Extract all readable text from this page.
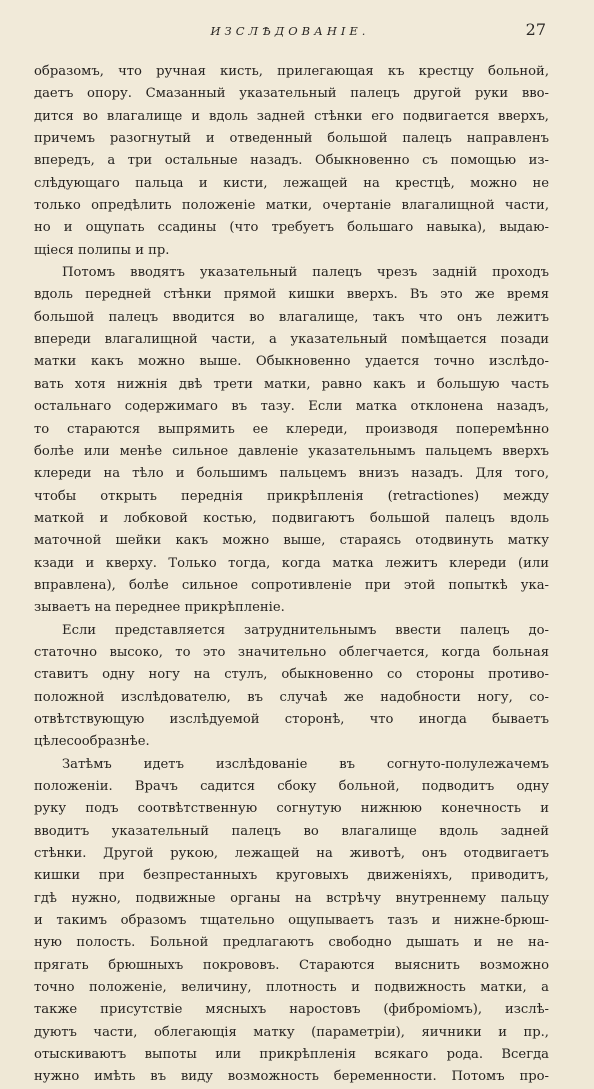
ИЗСЛѢДОВАНІЕ.	27
образомъ, что ручная кисть, прилегающая къ крестцу больной,
даетъ опору. Смазанный указательный палецъ другой руки вво-
дится во влагалище и вдоль задней стѣнки его подвигается вверхъ,
причемъ разогнутый и отведенный большой палецъ направленъ
впередъ, а три остальные назадъ. Обыкновенно съ помощью из-
слѣдующаго пальца и кисти, лежащей на крестцѣ, можно не
только опредѣлить положеніе матки, очертаніе влагалищной части,
но и ощупать ссадины (что требуетъ большаго навыка), выдаю-
щіеся полипы и пр.
Потомъ вводятъ указательный палецъ чрезъ задній проходъ
вдоль передней стѣнки прямой кишки вверхъ. Въ это же время
большой палецъ вводится во влагалище, такъ что онъ лежитъ
впереди влагалищной части, а указательный помѣщается позади
матки какъ можно выше. Обыкновенно удается точно изслѣдо-
вать хотя нижнія двѣ трети матки, равно какъ и большую часть
остальнаго содержимаго въ тазу. Если матка отклонена назадъ,
то стараются выпрямить ее клереди, производя поперемѣнно
болѣе или менѣе сильное давленіе указательнымъ пальцемъ вверхъ
клереди на тѣло и большимъ пальцемъ внизъ назадъ. Для того,
чтобы открыть переднія прикрѣпленія (retractiones) между
маткой и лобковой костью, подвигаютъ большой палецъ вдоль
маточной шейки какъ можно выше, стараясь отодвинуть матку
кзади и кверху. Только тогда, когда матка лежитъ клереди (или
вправлена), болѣе сильное сопротивленіе при этой попыткѣ ука-
зываетъ на переднее прикрѣпленіе.
Если представляется затруднительнымъ ввести палецъ до-
статочно высоко, то это значительно облегчается, когда больная
ставитъ одну ногу на стулъ, обыкновенно со стороны противо-
положной изслѣдователю, въ случаѣ же надобности ногу, со-
отвѣтствующую изслѣдуемой сторонѣ, что иногда бываетъ
цѣлесообразнѣе.
Затѣмъ идетъ изслѣдованіе въ согнуто-полулежачемъ
положеніи. Врачъ садится сбоку больной, подводитъ одну
руку подъ соотвѣтственную согнутую нижнюю конечность и
вводитъ указательный палецъ во влагалище вдоль задней
стѣнки. Другой рукою, лежащей на животѣ, онъ отодвигаетъ
кишки при безпрестанныхъ круговыхъ движеніяхъ, приводитъ,
гдѣ нужно, подвижные органы на встрѣчу внутреннему пальцу
и такимъ образомъ тщательно ощупываетъ тазъ и нижне-брюш-
ную полость. Больной предлагаютъ свободно дышать и не на-
прягать брюшныхъ покрововъ. Стараются выяснить возможно
точно положеніе, величину, плотность и подвижность матки, а
также присутствіе мясныхъ наростовъ (фиброміомъ), изслѣ-
дуютъ части, облегающія матку (параметріи), яичники и пр.,
отыскиваютъ выпоты или прикрѣпленія всякаго рода. Всегда
нужно имѣть въ виду возможность беременности. Потомъ про-
